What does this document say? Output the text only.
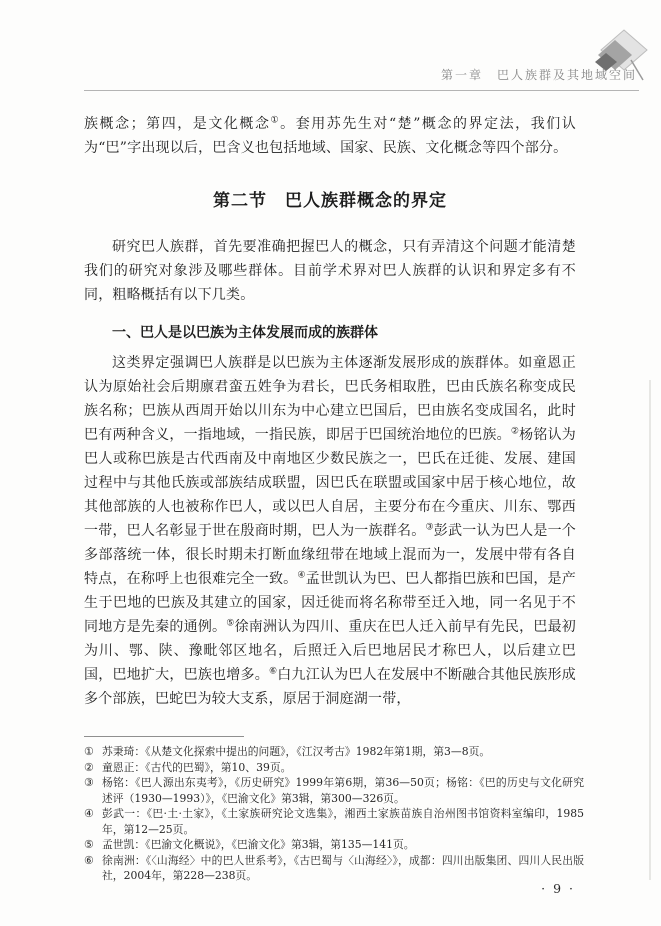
第一章　巴人族群及其地域空间

族概念；第四，是文化概念①。套用苏先生对“楚”概念的界定法，我们认为“巴”字出现以后，巴含义也包括地域、国家、民族、文化概念等四个部分。

第二节　巴人族群概念的界定

研究巴人族群，首先要准确把握巴人的概念，只有弄清这个问题才能清楚我们的研究对象涉及哪些群体。目前学术界对巴人族群的认识和界定多有不同，粗略概括有以下几类。

一、巴人是以巴族为主体发展而成的族群体

这类界定强调巴人族群是以巴族为主体逐渐发展形成的族群体。如童恩正认为原始社会后期廪君蛮五姓争为君长，巴氏务相取胜，巴由氏族名称变成民族名称；巴族从西周开始以川东为中心建立巴国后，巴由族名变成国名，此时巴有两种含义，一指地域，一指民族，即居于巴国统治地位的巴族。②杨铭认为巴人或称巴族是古代西南及中南地区少数民族之一，巴氏在迁徙、发展、建国过程中与其他氏族或部族结成联盟，因巴氏在联盟或国家中居于核心地位，故其他部族的人也被称作巴人，或以巴人自居，主要分布在今重庆、川东、鄂西一带，巴人名彰显于世在殷商时期，巴人为一族群名。③彭武一认为巴人是一个多部落统一体，很长时期未打断血缘纽带在地域上混而为一，发展中带有各自特点，在称呼上也很难完全一致。④孟世凯认为巴、巴人都指巴族和巴国，是产生于巴地的巴族及其建立的国家，因迁徙而将名称带至迁入地，同一名见于不同地方是先秦的通例。⑤徐南洲认为四川、重庆在巴人迁入前早有先民，巴最初为川、鄂、陕、豫毗邻区地名，后照迁入后巴地居民才称巴人，以后建立巴国，巴地扩大，巴族也增多。⑥白九江认为巴人在发展中不断融合其他民族形成多个部族，巴蛇巴为较大支系，原居于洞庭湖一带，

① 苏秉琦：《从楚文化探索中提出的问题》，《江汉考古》1982年第1期，第3—8页。
② 童恩正：《古代的巴蜀》，第10、39页。
③ 杨铭：《巴人源出东夷考》，《历史研究》1999年第6期，第36—50页；杨铭：《巴的历史与文化研究述评（1930—1993）》，《巴渝文化》第3辑，第300—326页。
④ 彭武一：《巴·土·土家》，《土家族研究论文选集》，湘西土家族苗族自治州图书馆资料室编印，1985年，第12—25页。
⑤ 孟世凯：《巴渝文化概说》，《巴渝文化》第3辑，第135—141页。
⑥ 徐南洲：《〈山海经〉中的巴人世系考》，《古巴蜀与〈山海经〉》，成都：四川出版集团、四川人民出版社，2004年，第228—238页。
· 9 ·
